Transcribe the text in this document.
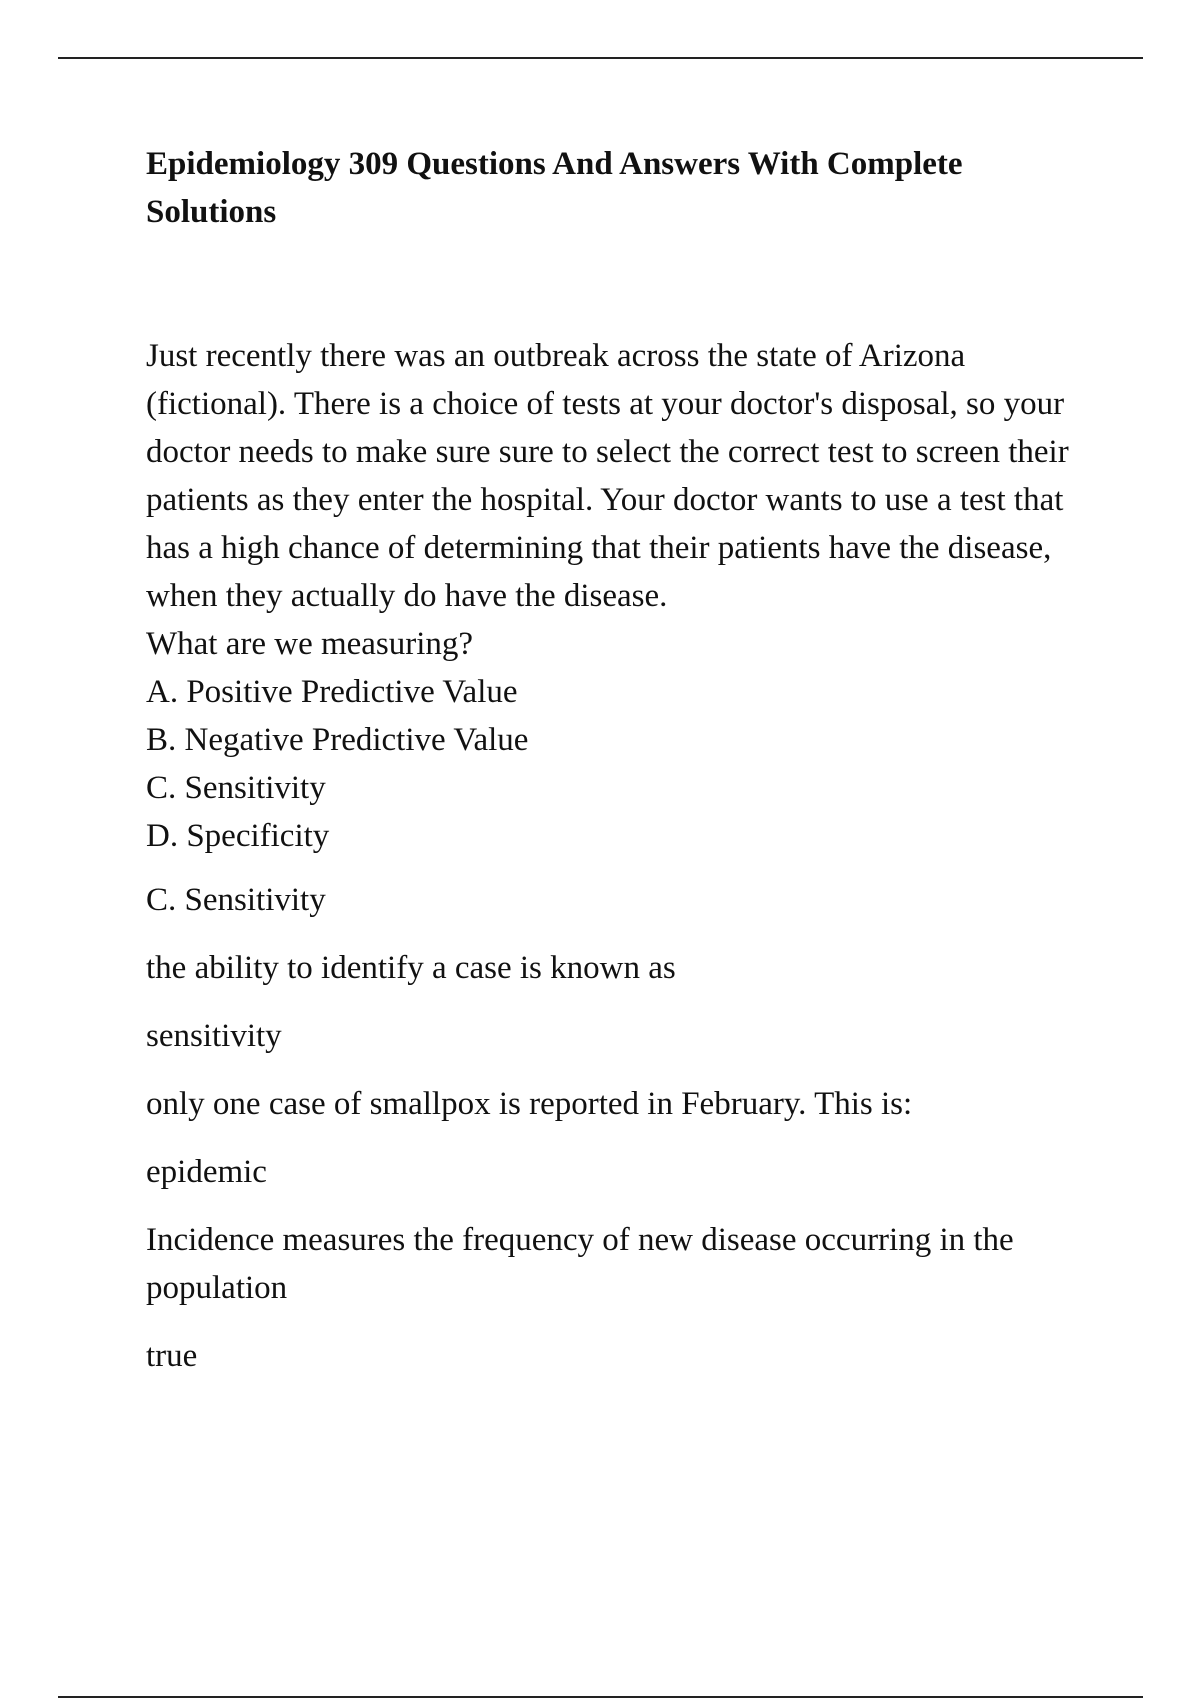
Epidemiology 309 Questions And Answers With Complete Solutions

Just recently there was an outbreak across the state of Arizona (fictional). There is a choice of tests at your doctor's disposal, so your doctor needs to make sure sure to select the correct test to screen their patients as they enter the hospital. Your doctor wants to use a test that has a high chance of determining that their patients have the disease, when they actually do have the disease.

What are we measuring?

A. Positive Predictive Value
B. Negative Predictive Value
C. Sensitivity
D. Specificity

C. Sensitivity

the ability to identify a case is known as

sensitivity

only one case of smallpox is reported in February. This is:

epidemic

Incidence measures the frequency of new disease occurring in the population

true
